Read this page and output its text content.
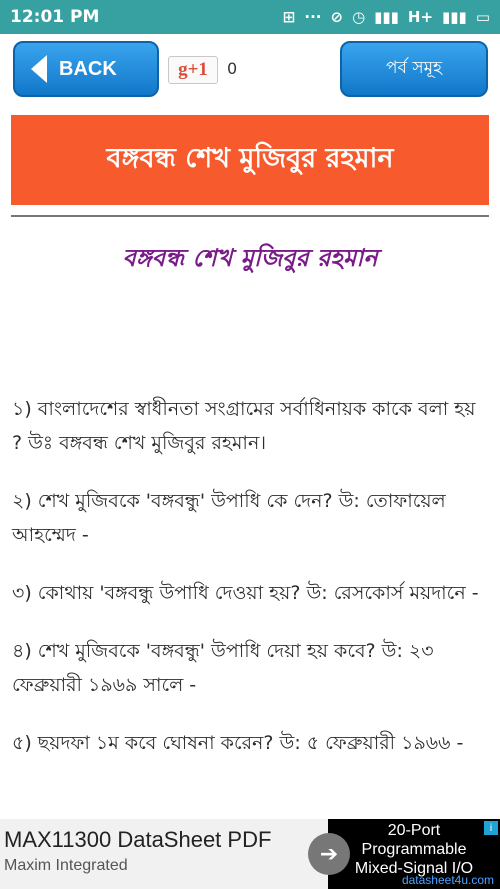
12:01 PM	⊞ ··· ⊘ ◷ ▮▮▮ H+ ▮▮▮ ▭
BACK	g+1	0	পর্ব সমূহ
বঙ্গবন্ধ শেখ মুজিবুর রহমান
বঙ্গবন্ধ শেখ মুজিবুর রহমান

১) বাংলাদেশের স্বাধীনতা সংগ্রামের সর্বাধিনায়ক কাকে বলা হয় ? উঃ বঙ্গবন্ধ শেখ মুজিবুর রহমান।

২) শেখ মুজিবকে 'বঙ্গবন্ধু' উপাধি কে দেন? উ: তোফায়েল আহম্মেদ -

৩) কোথায় 'বঙ্গবন্ধু উপাধি দেওয়া হয়? উ: রেসকোর্স ময়দানে -

৪) শেখ মুজিবকে 'বঙ্গবন্ধু' উপাধি দেয়া হয় কবে? উ: ২৩ ফেব্রুয়ারী ১৯৬৯ সালে -

৫) ছয়দফা ১ম কবে ঘোষনা করেন? উ: ৫ ফেব্রুয়ারী ১৯৬৬ -

MAX11300 DataSheet PDF
Maxim Integrated
20-Port
Programmable
Mixed-Signal I/O
datasheet4u.com
i
➔
